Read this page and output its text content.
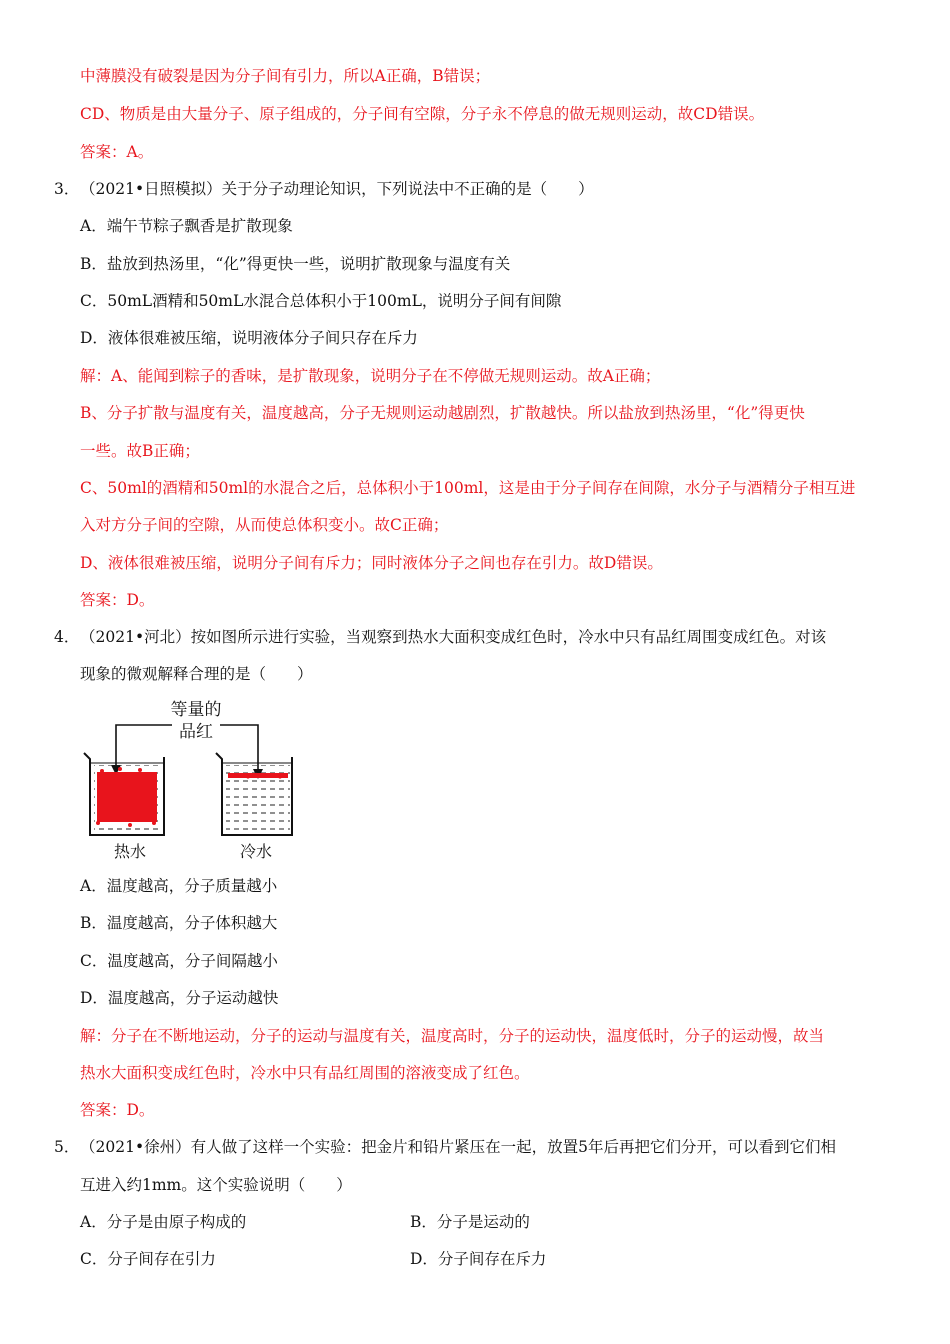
中薄膜没有破裂是因为分子间有引力，所以A正确，B错误；
CD、物质是由大量分子、原子组成的，分子间有空隙，分子永不停息的做无规则运动，故CD错误。
答案：A。
3． （2021•日照模拟）关于分子动理论知识，下列说法中不正确的是（　　）
A．端午节粽子飘香是扩散现象
B．盐放到热汤里，“化”得更快一些，说明扩散现象与温度有关
C．50mL酒精和50mL水混合总体积小于100mL，说明分子间有间隙
D．液体很难被压缩，说明液体分子间只存在斥力
解：A、能闻到粽子的香味，是扩散现象，说明分子在不停做无规则运动。故A正确；
B、分子扩散与温度有关，温度越高，分子无规则运动越剧烈，扩散越快。所以盐放到热汤里，“化”得更快
一些。故B正确；
C、50ml的酒精和50ml的水混合之后，总体积小于100ml，这是由于分子间存在间隙，水分子与酒精分子相互进
入对方分子间的空隙，从而使总体积变小。故C正确；
D、液体很难被压缩，说明分子间有斥力；同时液体分子之间也存在引力。故D错误。
答案：D。
4． （2021•河北）按如图所示进行实验，当观察到热水大面积变成红色时，冷水中只有品红周围变成红色。对该
现象的微观解释合理的是（　　）
等量的
品红
热水	冷水
A．温度越高，分子质量越小
B．温度越高，分子体积越大
C．温度越高，分子间隔越小
D．温度越高，分子运动越快
解：分子在不断地运动，分子的运动与温度有关，温度高时，分子的运动快，温度低时，分子的运动慢，故当
热水大面积变成红色时，冷水中只有品红周围的溶液变成了红色。
答案：D。
5． （2021•徐州）有人做了这样一个实验：把金片和铅片紧压在一起，放置5年后再把它们分开，可以看到它们相
互进入约1mm。这个实验说明（　　）
A．分子是由原子构成的	B．分子是运动的
C．分子间存在引力	D．分子间存在斥力
